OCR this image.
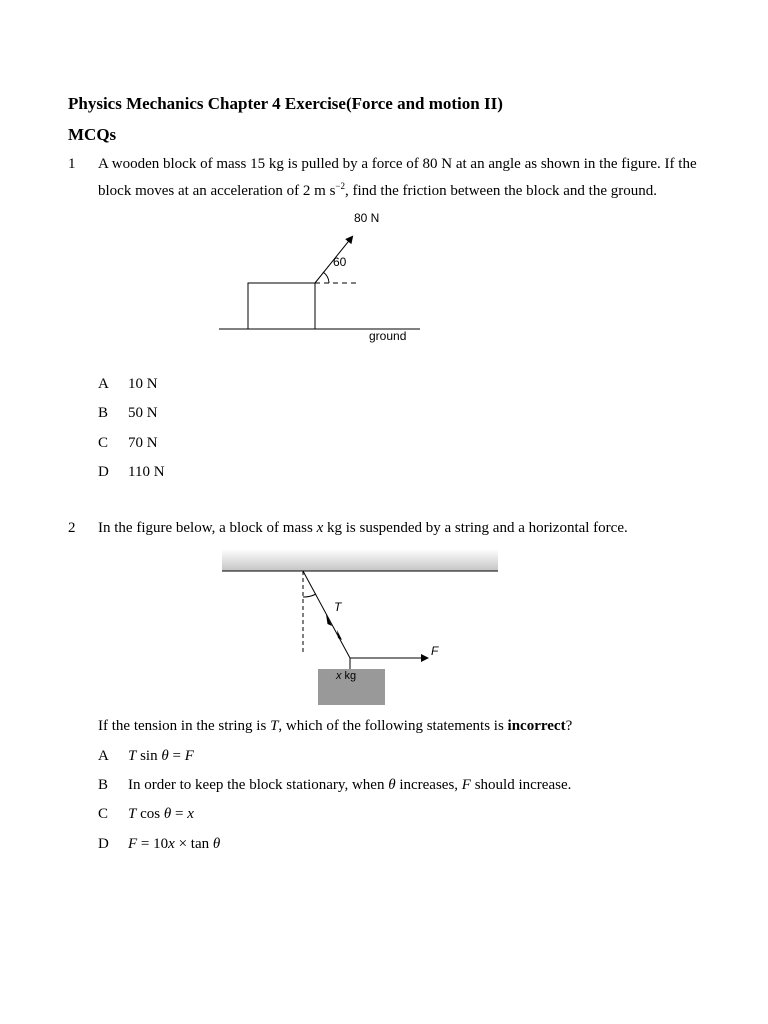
Physics Mechanics Chapter 4 Exercise(Force and motion II)
MCQs
1 A wooden block of mass 15 kg is pulled by a force of 80 N at an angle as shown in the figure. If the
block moves at an acceleration of 2 m $s^{-2}$, find the friction between the block and the ground.
80 N
60
ground
A 10 N
B 50 N
C 70 N
D 110 N
2 In the figure below, a block of mass x kg is suspended by a string and a horizontal force.
T
F
x kg
If the tension in the string is T, which of the following statements is incorrect?
A T sin θ = F
B In order to keep the block stationary, when θ increases, F should increase.
C T cos θ = x
D F = 10x × tan θ
